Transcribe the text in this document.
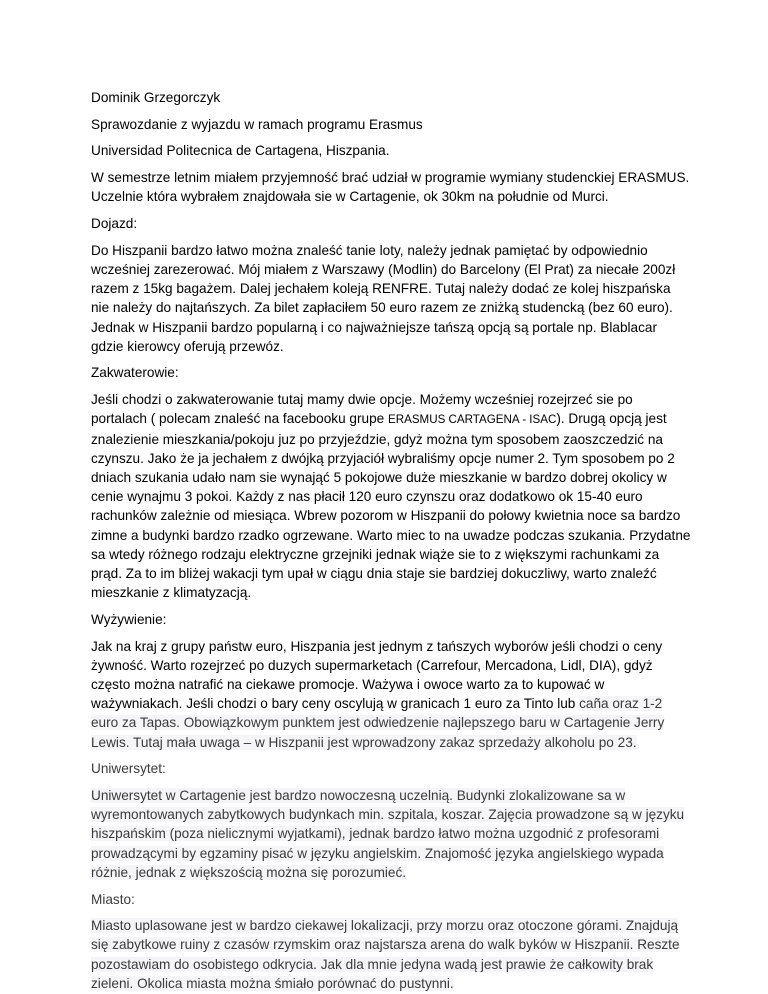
Dominik Grzegorczyk

Sprawozdanie z wyjazdu w ramach programu Erasmus

Universidad Politecnica de Cartagena, Hiszpania.

W semestrze letnim miałem przyjemność brać udział w programie wymiany studenckiej ERASMUS. Uczelnie która wybrałem znajdowała sie w Cartagenie, ok 30km na południe od Murci.

Dojazd:

Do Hiszpanii bardzo łatwo można znaleść tanie loty, należy jednak pamiętać by odpowiednio wcześniej zarezerować. Mój miałem z Warszawy (Modlin) do Barcelony (El Prat) za niecałe 200zł razem z 15kg bagażem. Dalej jechałem koleją RENFRE. Tutaj należy dodać ze kolej hiszpańska nie należy do najtańszych. Za bilet zapłaciłem 50 euro razem ze zniżką studencką (bez 60 euro). Jednak w Hiszpanii bardzo popularną i co najważniejsze tańszą opcją są portale np. Blablacar gdzie kierowcy oferują przewóz.

Zakwaterowie:

Jeśli chodzi o zakwaterowanie tutaj mamy dwie opcje. Możemy wcześniej rozejrzeć sie po portalach ( polecam znaleść na facebooku grupe ERASMUS CARTAGENA - ISAC). Drugą opcją jest znalezienie mieszkania/pokoju juz po przyjeździe, gdyż można tym sposobem zaoszczedzić na czynszu. Jako że ja jechałem z dwójką przyjaciół wybraliśmy opcje numer 2. Tym sposobem po 2 dniach szukania udało nam sie wynająć 5 pokojowe duże mieszkanie w bardzo dobrej okolicy w cenie wynajmu 3 pokoi. Każdy z nas płacił 120 euro czynszu oraz dodatkowo ok 15-40 euro rachunków zależnie od miesiąca. Wbrew pozorom w Hiszpanii do połowy kwietnia noce sa bardzo zimne a budynki bardzo rzadko ogrzewane. Warto miec to na uwadze podczas szukania. Przydatne sa wtedy różnego rodzaju elektryczne grzejniki jednak wiąże sie to z większymi rachunkami za prąd. Za to im bliżej wakacji tym upał w ciągu dnia staje sie bardziej dokuczliwy, warto znaleźć mieszkanie z klimatyzacją.

Wyżywienie:

Jak na kraj z grupy państw euro, Hiszpania jest jednym z tańszych wyborów jeśli chodzi o ceny żywność. Warto rozejrzeć po duzych supermarketach (Carrefour, Mercadona, Lidl, DIA), gdyż często można natrafić na ciekawe promocje. Ważywa i owoce warto za to kupować w ważywniakach. Jeśli chodzi o bary ceny oscylują w granicach 1 euro za Tinto lub caña oraz 1-2 euro za Tapas. Obowiązkowym punktem jest odwiedzenie najlepszego baru w Cartagenie Jerry Lewis. Tutaj mała uwaga – w Hiszpanii jest wprowadzony zakaz sprzedaży alkoholu po 23.

Uniwersytet:

Uniwersytet w Cartagenie jest bardzo nowoczesną uczelnią. Budynki zlokalizowane sa w wyremontowanych zabytkowych budynkach min. szpitala, koszar. Zajęcia prowadzone są w języku hiszpańskim (poza nielicznymi wyjatkami), jednak bardzo łatwo można uzgodnić z profesorami prowadzącymi by egzaminy pisać w języku angielskim. Znajomość języka angielskiego wypada różnie, jednak z większością można się porozumieć.

Miasto:

Miasto uplasowane jest w bardzo ciekawej lokalizacji, przy morzu oraz otoczone górami. Znajdują się zabytkowe ruiny z czasów rzymskim oraz najstarsza arena do walk byków w Hiszpanii. Reszte pozostawiam do osobistego odkrycia. Jak dla mnie jedyna wadą jest prawie że całkowity brak zieleni. Okolica miasta można śmiało porównać do pustynni.
